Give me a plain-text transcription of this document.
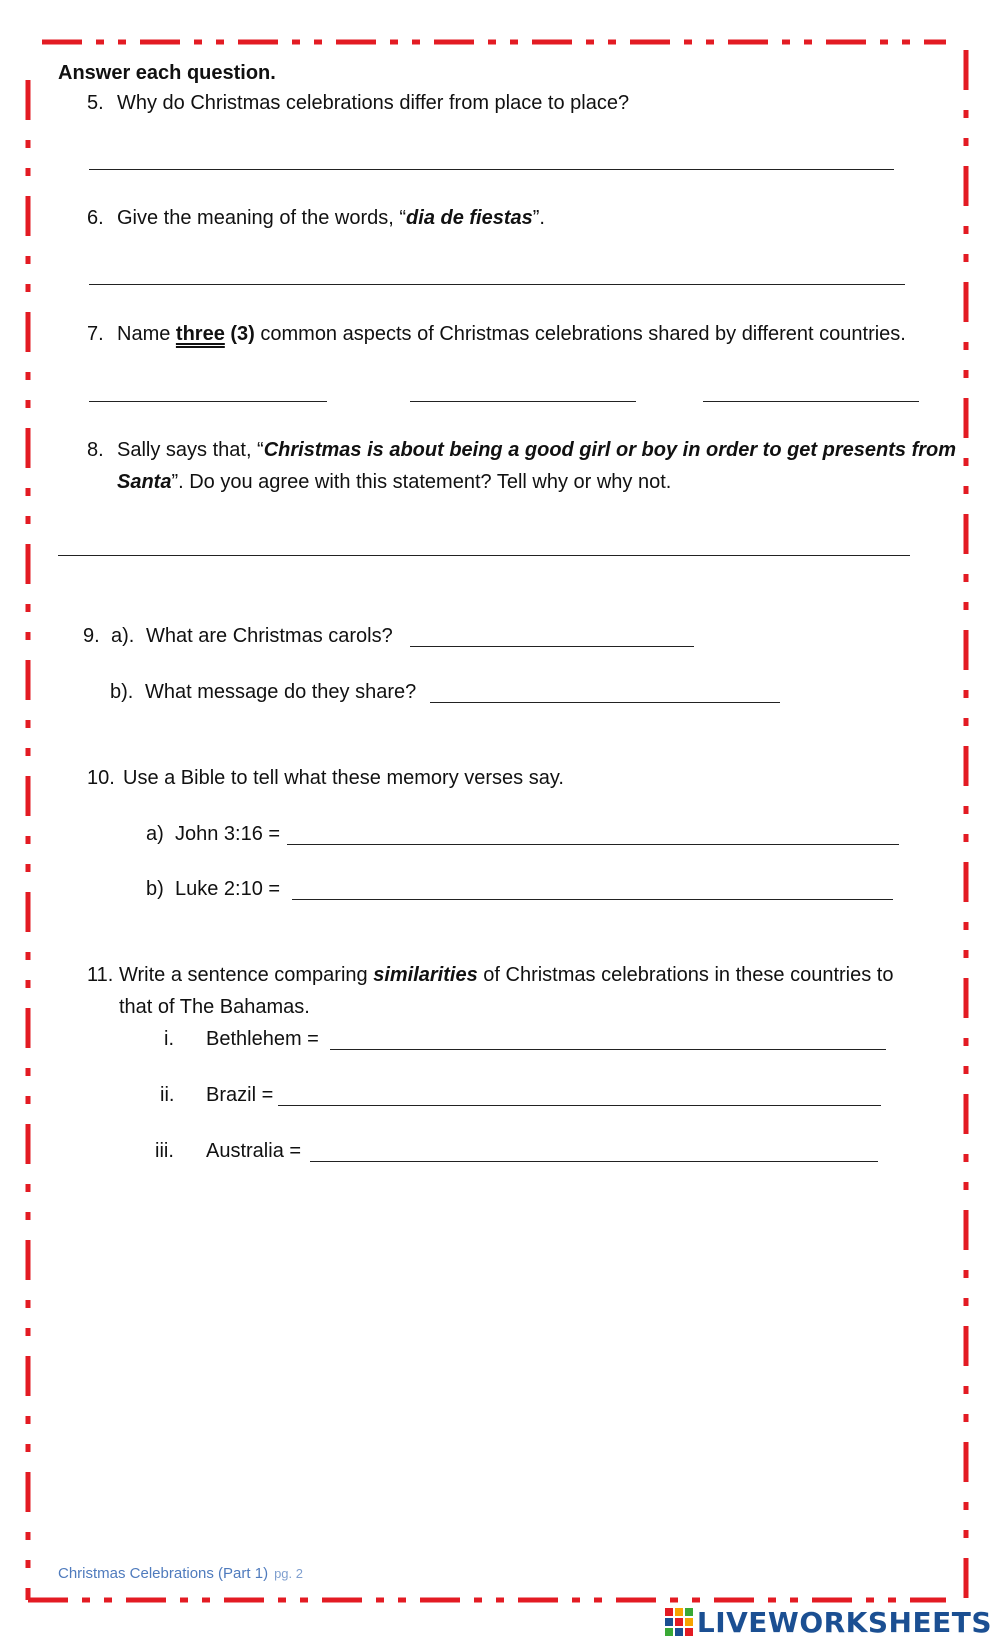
Answer each question.
5. Why do Christmas celebrations differ from place to place?
6. Give the meaning of the words, “dia de fiestas”.
7. Name three (3) common aspects of Christmas celebrations shared by different countries.
8. Sally says that, “Christmas is about being a good girl or boy in order to get presents from
Santa”. Do you agree with this statement? Tell why or why not.
9. a). What are Christmas carols?
b). What message do they share?
10. Use a Bible to tell what these memory verses say.
a) John 3:16 =
b) Luke 2:10 =
11. Write a sentence comparing similarities of Christmas celebrations in these countries to
that of The Bahamas.
i. Bethlehem =
ii. Brazil =
iii. Australia =
Christmas Celebrations (Part 1) pg. 2
LIVEWORKSHEETS
